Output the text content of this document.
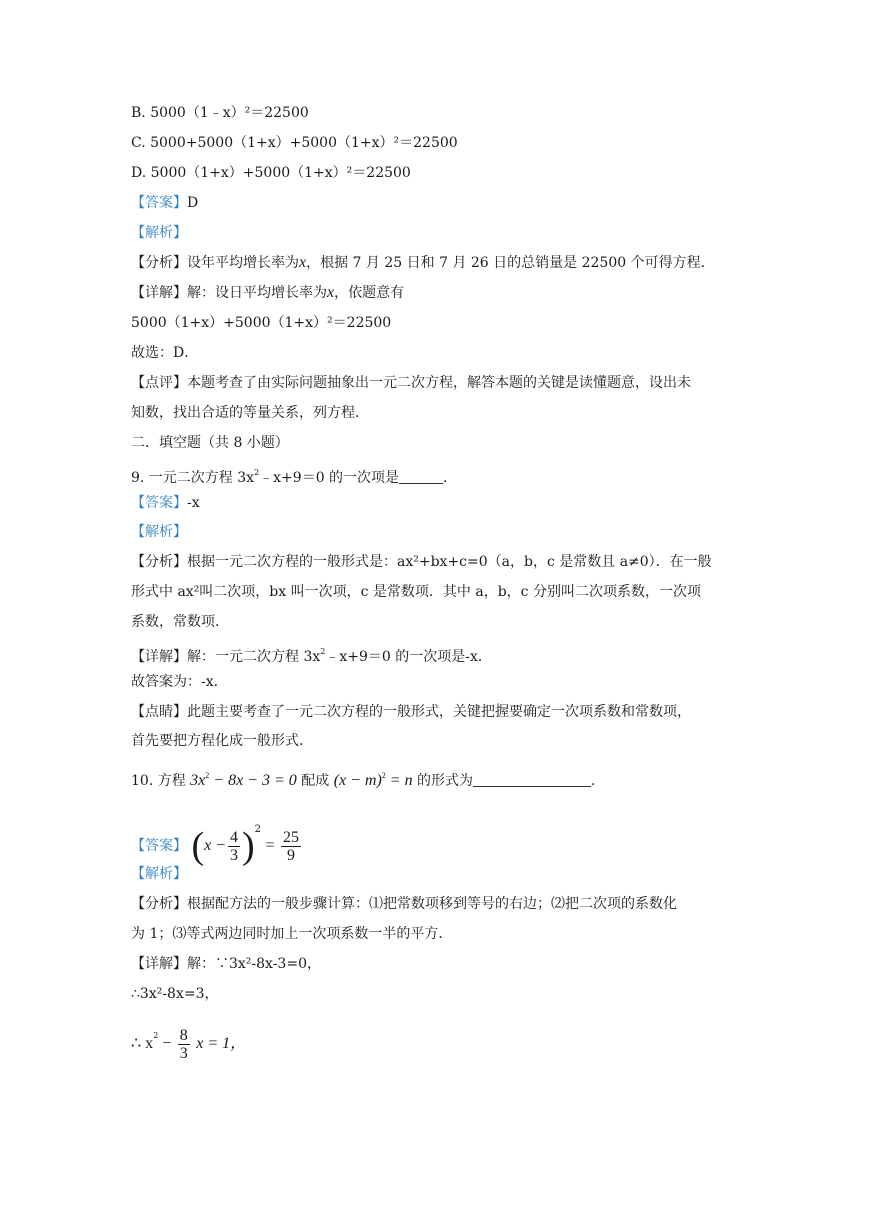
B. 5000（1﹣x）²＝22500
C. 5000+5000（1+x）+5000（1+x）²＝22500
D. 5000（1+x）+5000（1+x）²＝22500
【答案】D
【解析】
【分析】设年平均增长率为x，根据 7 月 25 日和 7 月 26 日的总销量是 22500 个可得方程．
【详解】解：设日平均增长率为x，依题意有
5000（1+x）+5000（1+x）²＝22500
故选：D．
【点评】本题考查了由实际问题抽象出一元二次方程，解答本题的关键是读懂题意，设出未
知数，找出合适的等量关系，列方程．
二．填空题（共 8 小题）
9. 一元二次方程 $3x^2﹣x+9=0$ 的一次项是	．
【答案】-x
【解析】
【分析】根据一元二次方程的一般形式是：ax²+bx+c=0（a，b，c 是常数且 a≠0）．在一般
形式中 ax²叫二次项，bx 叫一次项，c 是常数项．其中 a，b，c 分别叫二次项系数，一次项
系数，常数项．
【详解】解：一元二次方程 $3x^2﹣x+9=0$ 的一次项是-x．
故答案为：-x．
【点睛】此题主要考查了一元二次方程的一般形式，关键把握要确定一次项系数和常数项，
首先要把方程化成一般形式．
10. 方程 $3x^2 - 8x - 3 = 0$ 配成 $(x - m)^2 = n$ 的形式为	．
【答案】 $(x - \frac{4}{3} )^2 = \frac{25}{9}$
【解析】
【分析】根据配方法的一般步骤计算：⑴把常数项移到等号的右边；⑵把二次项的系数化
为 1；⑶等式两边同时加上一次项系数一半的平方．
【详解】解：∵3x²-8x-3=0，
∴3x²-8x=3，
∴ $x^2 - \frac{8}{3}$ x = 1，
